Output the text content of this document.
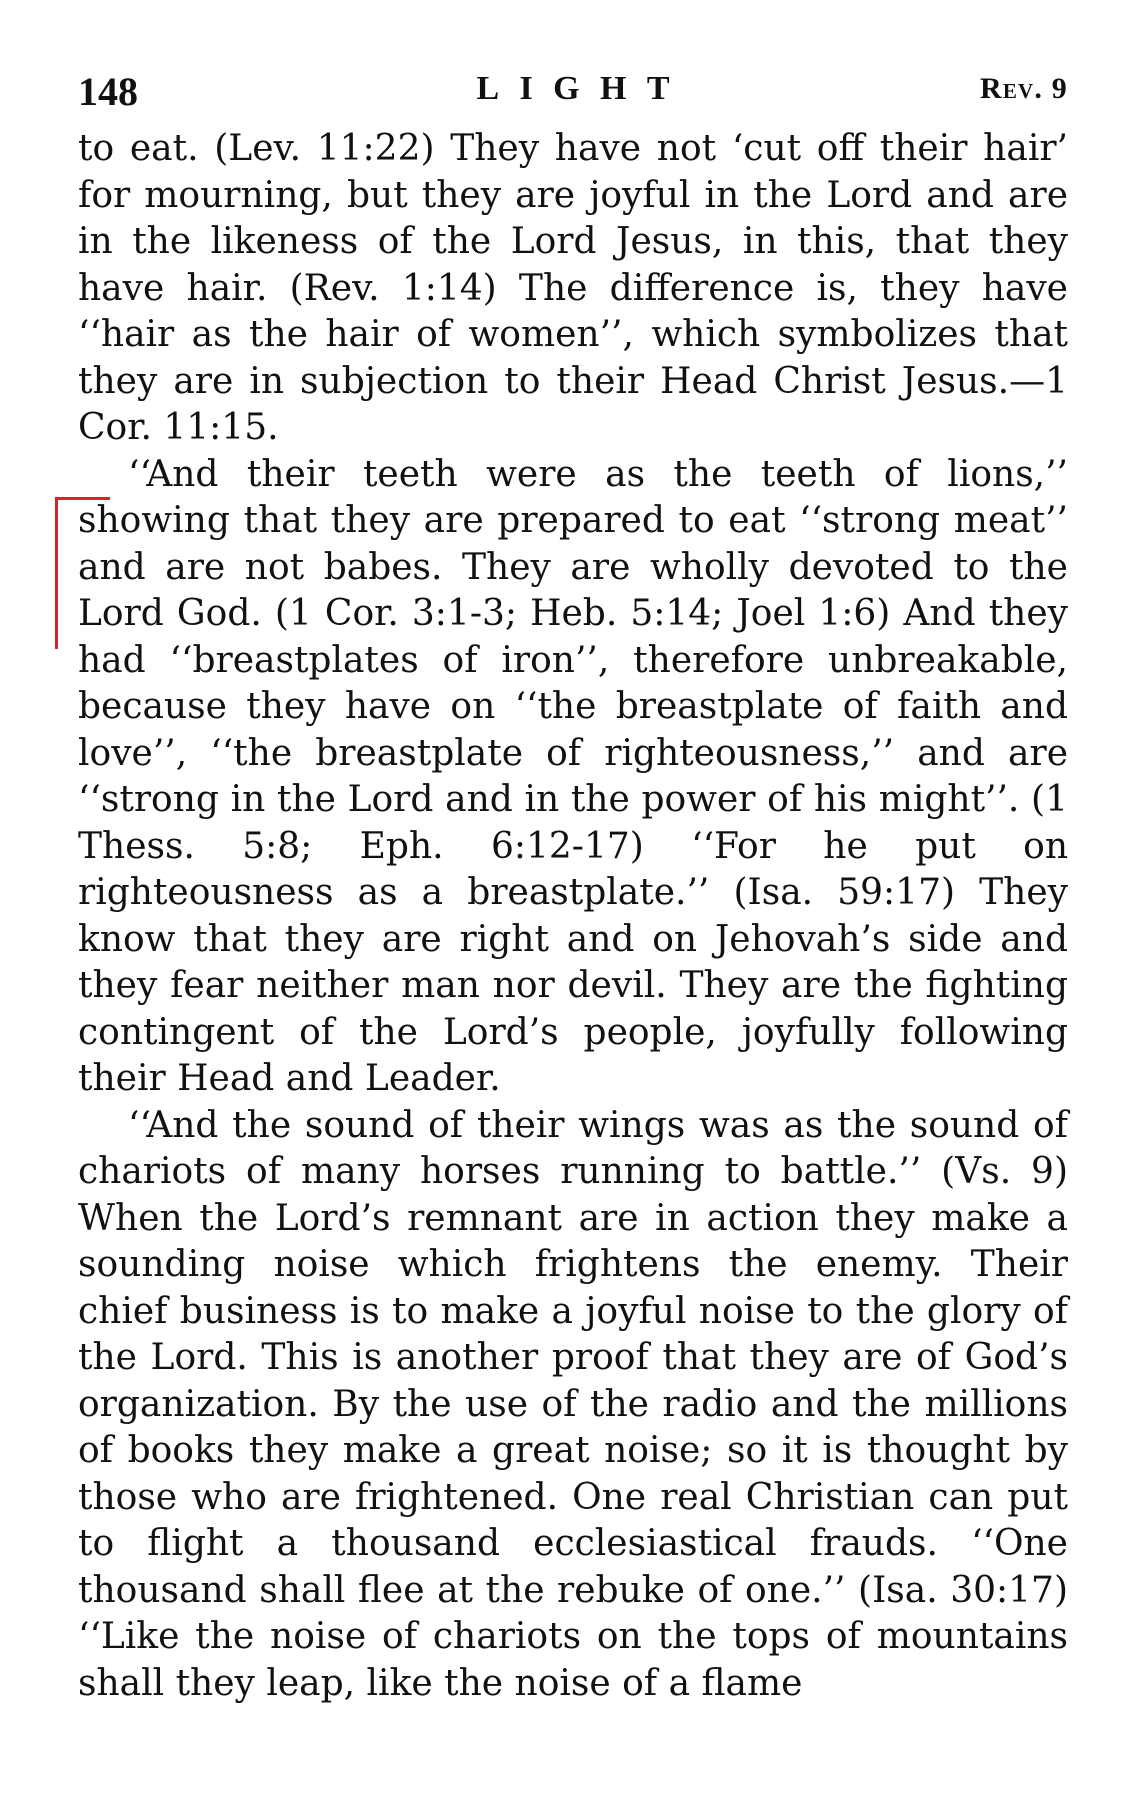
148	LIGHT	Rev. 9

to eat. (Lev. 11:22) They have not ‘cut off their hair’ for mourning, but they are joyful in the Lord and are in the likeness of the Lord Jesus, in this, that they have hair. (Rev. 1:14) The difference is, they have ‘‘hair as the hair of women’’, which symbolizes that they are in subjection to their Head Christ Jesus.—1 Cor. 11:15.

‘‘And their teeth were as the teeth of lions,’’ showing that they are prepared to eat ‘‘strong meat’’ and are not babes. They are wholly devoted to the Lord God. (1 Cor. 3:1-3; Heb. 5:14; Joel 1:6) And they had ‘‘breastplates of iron’’, therefore unbreakable, because they have on ‘‘the breastplate of faith and love’’, ‘‘the breastplate of righteousness,’’ and are ‘‘strong in the Lord and in the power of his might’’. (1 Thess. 5:8; Eph. 6:12-17) ‘‘For he put on righteousness as a breastplate.’’ (Isa. 59:17) They know that they are right and on Jehovah’s side and they fear neither man nor devil. They are the fighting contingent of the Lord’s people, joyfully following their Head and Leader.

‘‘And the sound of their wings was as the sound of chariots of many horses running to battle.’’ (Vs. 9) When the Lord’s remnant are in action they make a sounding noise which frightens the enemy. Their chief business is to make a joyful noise to the glory of the Lord. This is another proof that they are of God’s organization. By the use of the radio and the millions of books they make a great noise; so it is thought by those who are frightened. One real Christian can put to flight a thousand ecclesiastical frauds. ‘‘One thousand shall flee at the rebuke of one.’’ (Isa. 30:17) ‘‘Like the noise of chariots on the tops of mountains shall they leap, like the noise of a flame
